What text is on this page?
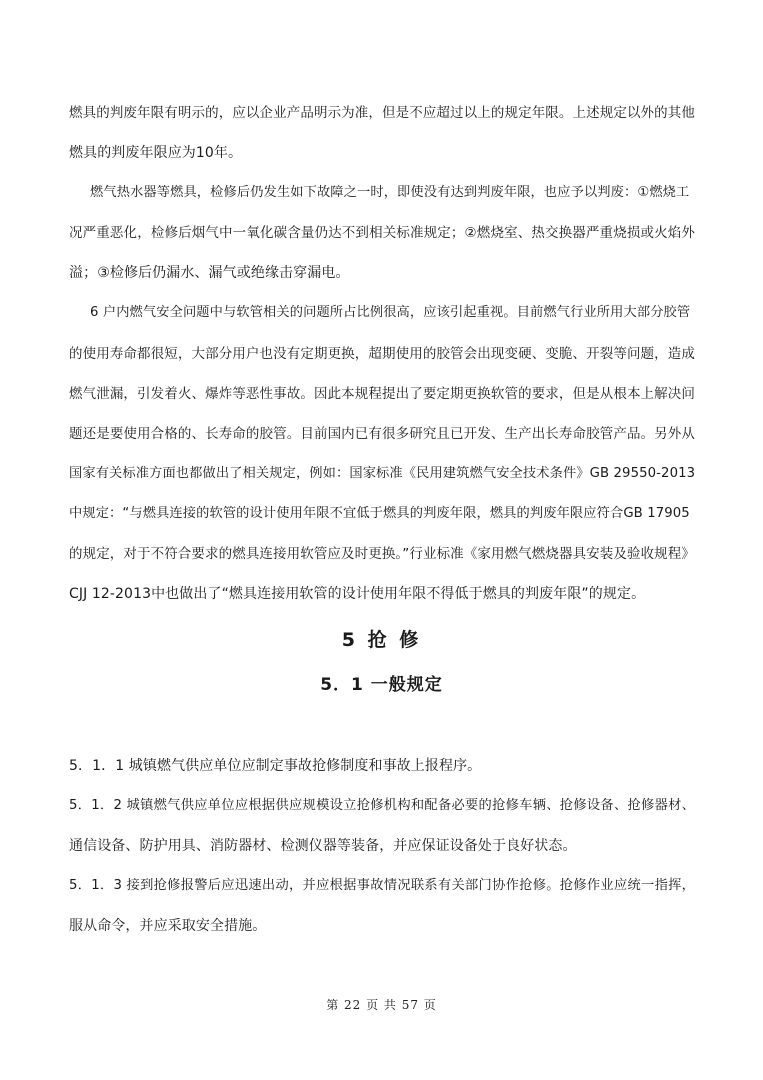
燃具的判废年限有明示的，应以企业产品明示为准，但是不应超过以上的规定年限。上述规定以外的其他
燃具的判废年限应为10年。
燃气热水器等燃具，检修后仍发生如下故障之一时，即使没有达到判废年限，也应予以判废：①燃烧工
况严重恶化，检修后烟气中一氧化碳含量仍达不到相关标准规定；②燃烧室、热交换器严重烧损或火焰外
溢；③检修后仍漏水、漏气或绝缘击穿漏电。
6 户内燃气安全问题中与软管相关的问题所占比例很高，应该引起重视。目前燃气行业所用大部分胶管
的使用寿命都很短，大部分用户也没有定期更换，超期使用的胶管会出现变硬、变脆、开裂等问题，造成
燃气泄漏，引发着火、爆炸等恶性事故。因此本规程提出了要定期更换软管的要求，但是从根本上解决问
题还是要使用合格的、长寿命的胶管。目前国内已有很多研究且已开发、生产出长寿命胶管产品。另外从
国家有关标准方面也都做出了相关规定，例如：国家标准《民用建筑燃气安全技术条件》GB 29550-2013
中规定：“与燃具连接的软管的设计使用年限不宜低于燃具的判废年限，燃具的判废年限应符合GB 17905
的规定，对于不符合要求的燃具连接用软管应及时更换。”行业标准《家用燃气燃烧器具安装及验收规程》
CJJ 12-2013中也做出了“燃具连接用软管的设计使用年限不得低于燃具的判废年限”的规定。
5 抢 修
5．1 一般规定
5．1．1 城镇燃气供应单位应制定事故抢修制度和事故上报程序。
5．1．2 城镇燃气供应单位应根据供应规模设立抢修机构和配备必要的抢修车辆、抢修设备、抢修器材、
通信设备、防护用具、消防器材、检测仪器等装备，并应保证设备处于良好状态。
5．1．3 接到抢修报警后应迅速出动，并应根据事故情况联系有关部门协作抢修。抢修作业应统一指挥，
服从命令，并应采取安全措施。
第 22 页 共 57 页
